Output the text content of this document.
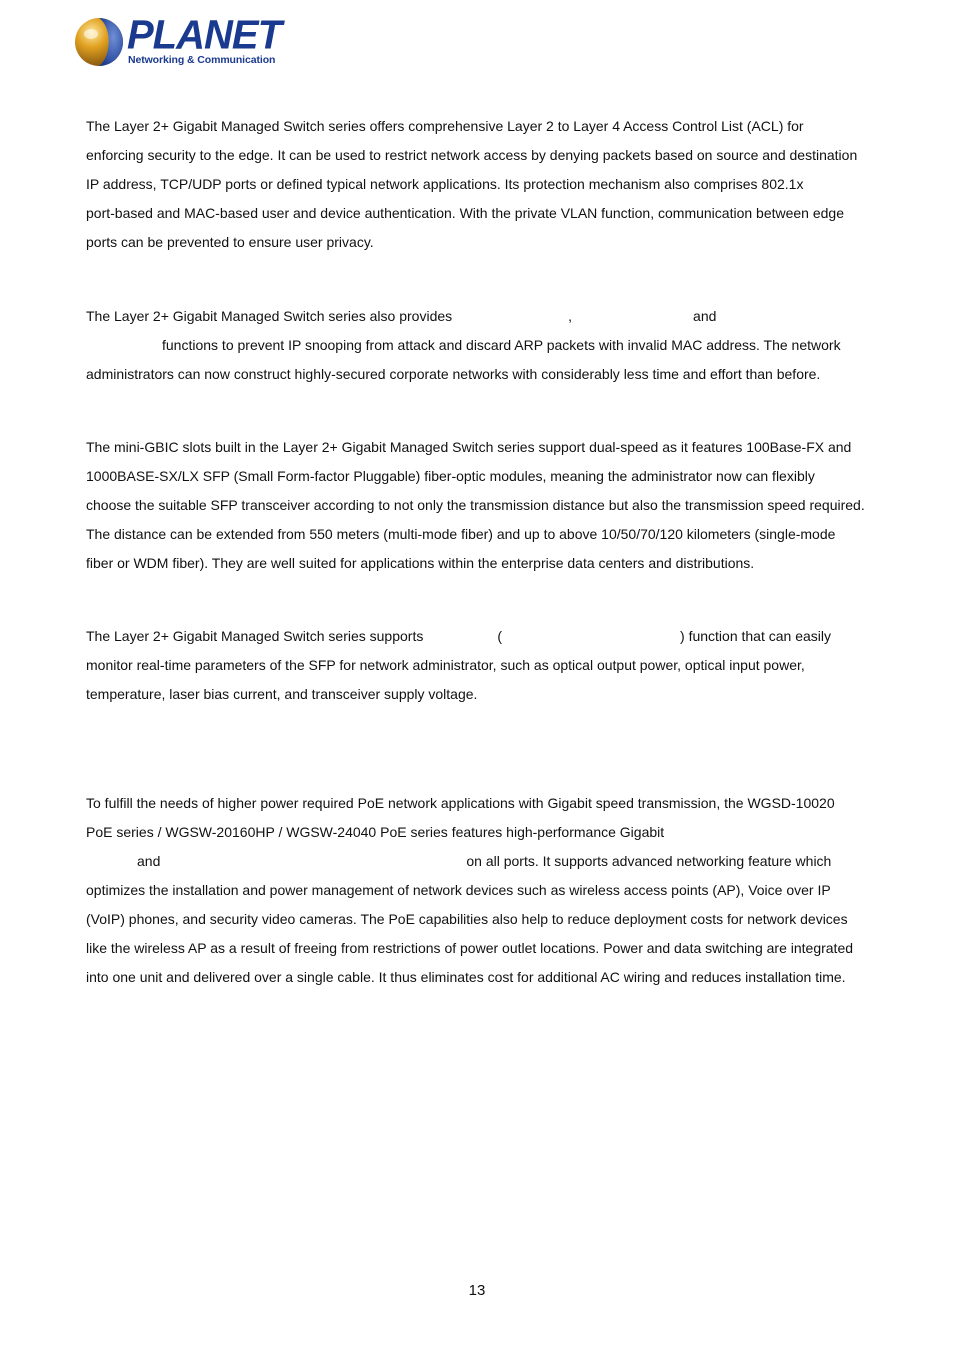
PLANET
Networking & Communication
The Layer 2+ Gigabit Managed Switch series offers comprehensive Layer 2 to Layer 4 Access Control List (ACL) for
enforcing security to the edge. It can be used to restrict network access by denying packets based on source and destination
IP address, TCP/UDP ports or defined typical network applications. Its protection mechanism also comprises 802.1x
port-based and MAC-based user and device authentication. With the private VLAN function, communication between edge
ports can be prevented to ensure user privacy.
The Layer 2+ Gigabit Managed Switch series also provides	,	and
functions to prevent IP snooping from attack and discard ARP packets with invalid MAC address. The network
administrators can now construct highly-secured corporate networks with considerably less time and effort than before.
The mini-GBIC slots built in the Layer 2+ Gigabit Managed Switch series support dual-speed as it features 100Base-FX and
1000BASE-SX/LX SFP (Small Form-factor Pluggable) fiber-optic modules, meaning the administrator now can flexibly
choose the suitable SFP transceiver according to not only the transmission distance but also the transmission speed required.
The distance can be extended from 550 meters (multi-mode fiber) and up to above 10/50/70/120 kilometers (single-mode
fiber or WDM fiber). They are well suited for applications within the enterprise data centers and distributions.
The Layer 2+ Gigabit Managed Switch series supports	(	) function that can easily
monitor real-time parameters of the SFP for network administrator, such as optical output power, optical input power,
temperature, laser bias current, and transceiver supply voltage.
To fulfill the needs of higher power required PoE network applications with Gigabit speed transmission, the WGSD-10020
PoE series / WGSW-20160HP / WGSW-24040 PoE series features high-performance Gigabit
and	on all ports. It supports advanced networking feature which
optimizes the installation and power management of network devices such as wireless access points (AP), Voice over IP
(VoIP) phones, and security video cameras. The PoE capabilities also help to reduce deployment costs for network devices
like the wireless AP as a result of freeing from restrictions of power outlet locations. Power and data switching are integrated
into one unit and delivered over a single cable. It thus eliminates cost for additional AC wiring and reduces installation time.
13
